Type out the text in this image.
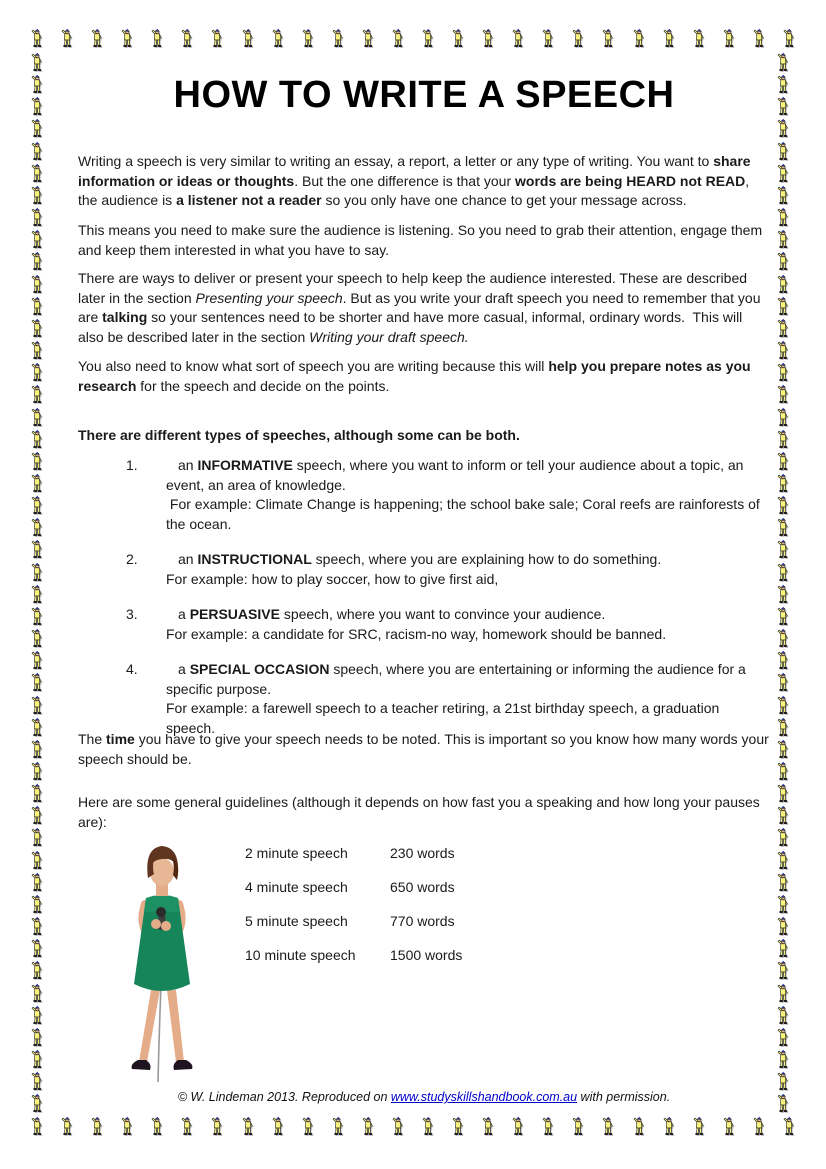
HOW TO WRITE A SPEECH
Writing a speech is very similar to writing an essay, a report, a letter or any type of writing. You want to share information or ideas or thoughts. But the one difference is that your words are being HEARD not READ, the audience is a listener not a reader so you only have one chance to get your message across.
This means you need to make sure the audience is listening. So you need to grab their attention, engage them and keep them interested in what you have to say.
There are ways to deliver or present your speech to help keep the audience interested. These are described later in the section Presenting your speech. But as you write your draft speech you need to remember that you are talking so your sentences need to be shorter and have more casual, informal, ordinary words.  This will also be described later in the section Writing your draft speech.
You also need to know what sort of speech you are writing because this will help you prepare notes as you research for the speech and decide on the points.
There are different types of speeches, although some can be both.
1.	an INFORMATIVE speech, where you want to inform or tell your audience about a topic, an event, an area of knowledge.
For example: Climate Change is happening; the school bake sale; Coral reefs are rainforests of the ocean.
2.	an INSTRUCTIONAL speech, where you are explaining how to do something.
For example: how to play soccer, how to give first aid,
3.	a PERSUASIVE speech, where you want to convince your audience.
For example: a candidate for SRC, racism-no way, homework should be banned.
4.	a SPECIAL OCCASION speech, where you are entertaining or informing the audience for a specific purpose.
For example: a farewell speech to a teacher retiring, a 21st birthday speech, a graduation speech.
The time you have to give your speech needs to be noted. This is important so you know how many words your speech should be.
Here are some general guidelines (although it depends on how fast you a speaking and how long your pauses are):
2 minute speech	230 words
4 minute speech	650 words
5 minute speech	770 words
10 minute speech	1500 words
© W. Lindeman 2013. Reproduced on www.studyskillshandbook.com.au with permission.
